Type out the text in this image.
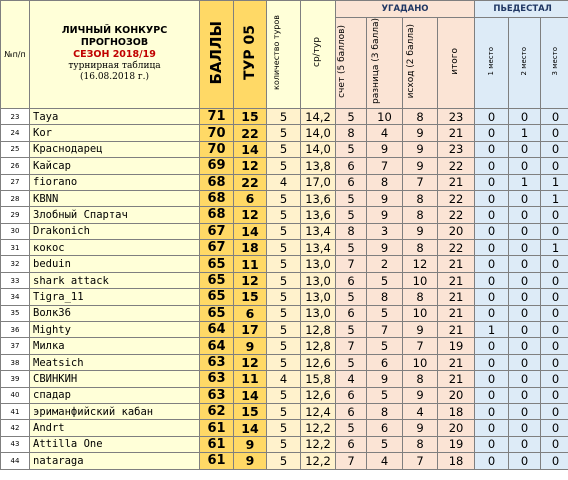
№п/п	ЛИЧНЫЙ КОНКУРС
ПРОГНОЗОВ
СЕЗОН 2018/19
турнирная таблица
(16.08.2018 г.)	БАЛЛЫ	ТУР 05	количество туров	ср/тур	УГАДАНО				ПЬЕДЕСТАЛ		
						счет (5 баллов)	разница (3 балла)	исход (2 балла)	итого	1 место	2 место	3 место
23	Taya	71	15	5	14,2	5	10	8	23	0	0	0
24	Kor	70	22	5	14,0	8	4	9	21	0	1	0
25	Краснодарец	70	14	5	14,0	5	9	9	23	0	0	0
26	Кайсар	69	12	5	13,8	6	7	9	22	0	0	0
27	fiorano	68	22	4	17,0	6	8	7	21	0	1	1
28	KBNN	68	6	5	13,6	5	9	8	22	0	0	1
29	Злобный Спартач	68	12	5	13,6	5	9	8	22	0	0	0
30	Drakonich	67	14	5	13,4	8	3	9	20	0	0	0
31	кокос	67	18	5	13,4	5	9	8	22	0	0	1
32	beduin	65	11	5	13,0	7	2	12	21	0	0	0
33	shark attack	65	12	5	13,0	6	5	10	21	0	0	0
34	Tigra_11	65	15	5	13,0	5	8	8	21	0	0	0
35	Волк36	65	6	5	13,0	6	5	10	21	0	0	0
36	Mighty	64	17	5	12,8	5	7	9	21	1	0	0
37	Милка	64	9	5	12,8	7	5	7	19	0	0	0
38	Meatsich	63	12	5	12,6	5	6	10	21	0	0	0
39	СВИНКИН	63	11	4	15,8	4	9	8	21	0	0	0
40	спадар	63	14	5	12,6	6	5	9	20	0	0	0
41	эриманфийский кабан	62	15	5	12,4	6	8	4	18	0	0	0
42	Andrt	61	14	5	12,2	5	6	9	20	0	0	0
43	Attilla One	61	9	5	12,2	6	5	8	19	0	0	0
44	nataraga	61	9	5	12,2	7	4	7	18	0	0	0
